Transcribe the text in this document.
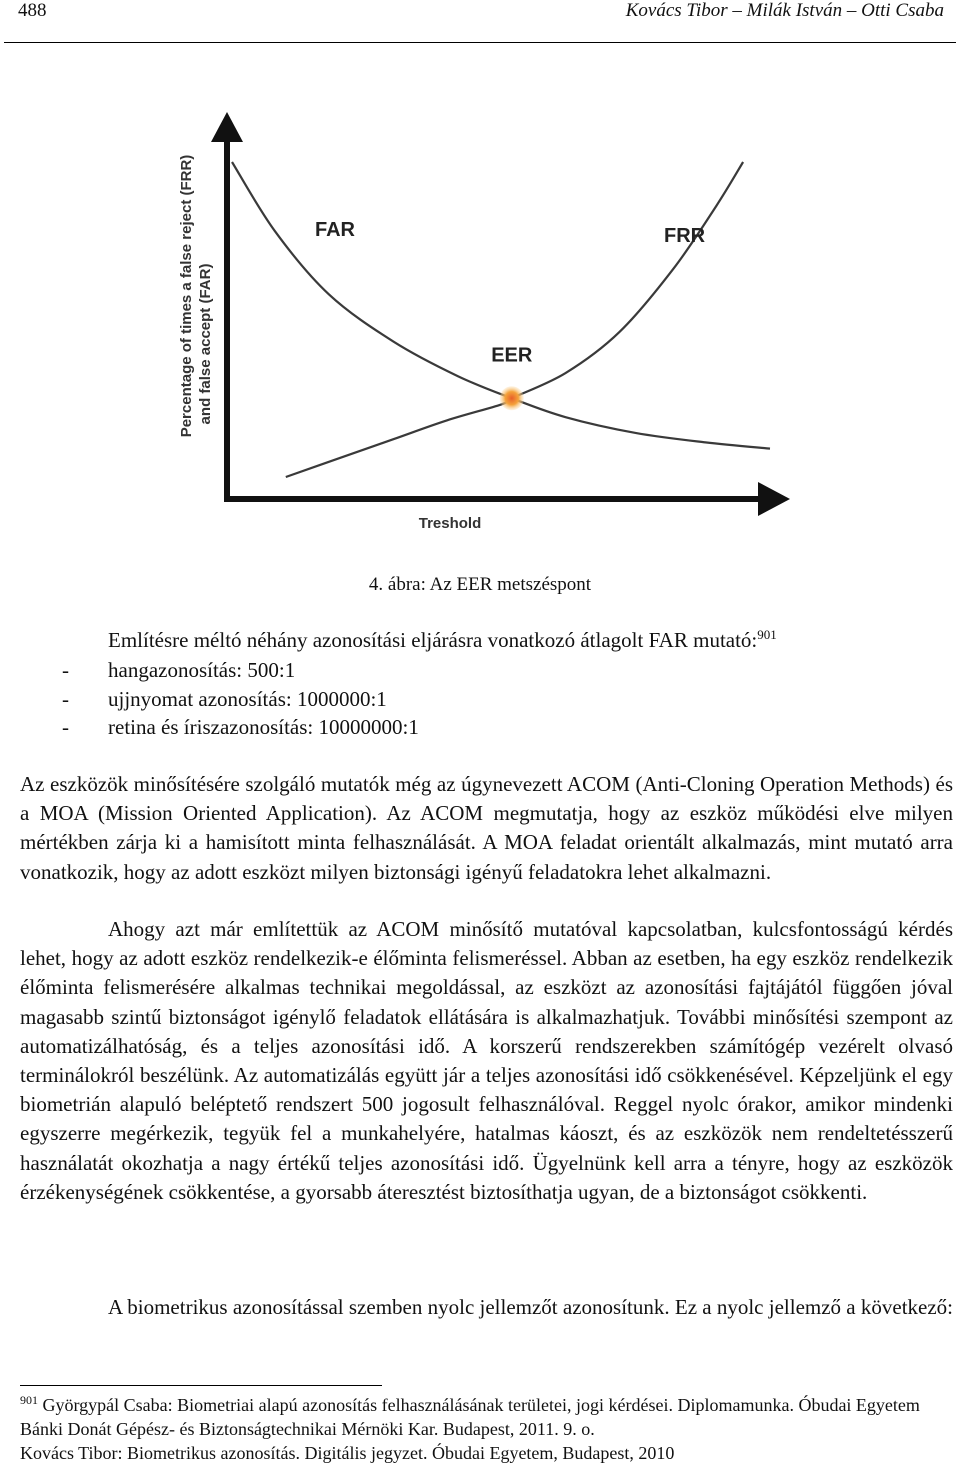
488	Kovács Tibor – Milák István – Otti Csaba
Percentage of times a false reject (FRR) and false accept (FAR)
Treshold
FAR	FRR
EER
4. ábra: Az EER metszéspont
Említésre méltó néhány azonosítási eljárásra vonatkozó átlagolt FAR mutató:$^{901}$
- hangazonosítás: 500:1
- ujjnyomat azonosítás: 1000000:1
- retina és íriszazonosítás: 10000000:1

Az eszközök minősítésére szolgáló mutatók még az úgynevezett ACOM (Anti-Cloning Operation Methods) és a MOA (Mission Oriented Application). Az ACOM megmutatja, hogy az eszköz működési elve milyen mértékben zárja ki a hamisított minta felhasználását. A MOA feladat orientált alkalmazás, mint mutató arra vonatkozik, hogy az adott eszközt milyen biztonsági igényű feladatokra lehet alkalmazni.

Ahogy azt már említettük az ACOM minősítő mutatóval kapcsolatban, kulcsfontosságú kérdés lehet, hogy az adott eszköz rendelkezik-e élőminta felismeréssel. Abban az esetben, ha egy eszköz rendelkezik élőminta felismerésére alkalmas technikai megoldással, az eszközt az azonosítási fajtájától függően jóval magasabb szintű biztonságot igénylő feladatok ellátására is alkalmazhatjuk. További minősítési szempont az automatizálhatóság, és a teljes azonosítási idő. A korszerű rendszerekben számítógép vezérelt olvasó terminálokról beszélünk. Az automatizálás együtt jár a teljes azonosítási idő csökkenésével. Képzeljünk el egy biometrián alapuló beléptető rendszert 500 jogosult felhasználóval. Reggel nyolc órakor, amikor mindenki egyszerre megérkezik, tegyük fel a munkahelyére, hatalmas káoszt, és az eszközök nem rendeltetésszerű használatát okozhatja a nagy értékű teljes azonosítási idő. Ügyelnünk kell arra a tényre, hogy az eszközök érzékenységének csökkentése, a gyorsabb áteresztést biztosíthatja ugyan, de a biztonságot csökkenti.

A biometrikus azonosítással szemben nyolc jellemzőt azonosítunk. Ez a nyolc jellemző a következő:

$^{901}$ Györgypál Csaba: Biometriai alapú azonosítás felhasználásának területei, jogi kérdései. Diplomamunka. Óbudai Egyetem Bánki Donát Gépész- és Biztonságtechnikai Mérnöki Kar. Budapest, 2011. 9. o.
Kovács Tibor: Biometrikus azonosítás. Digitális jegyzet. Óbudai Egyetem, Budapest, 2010
